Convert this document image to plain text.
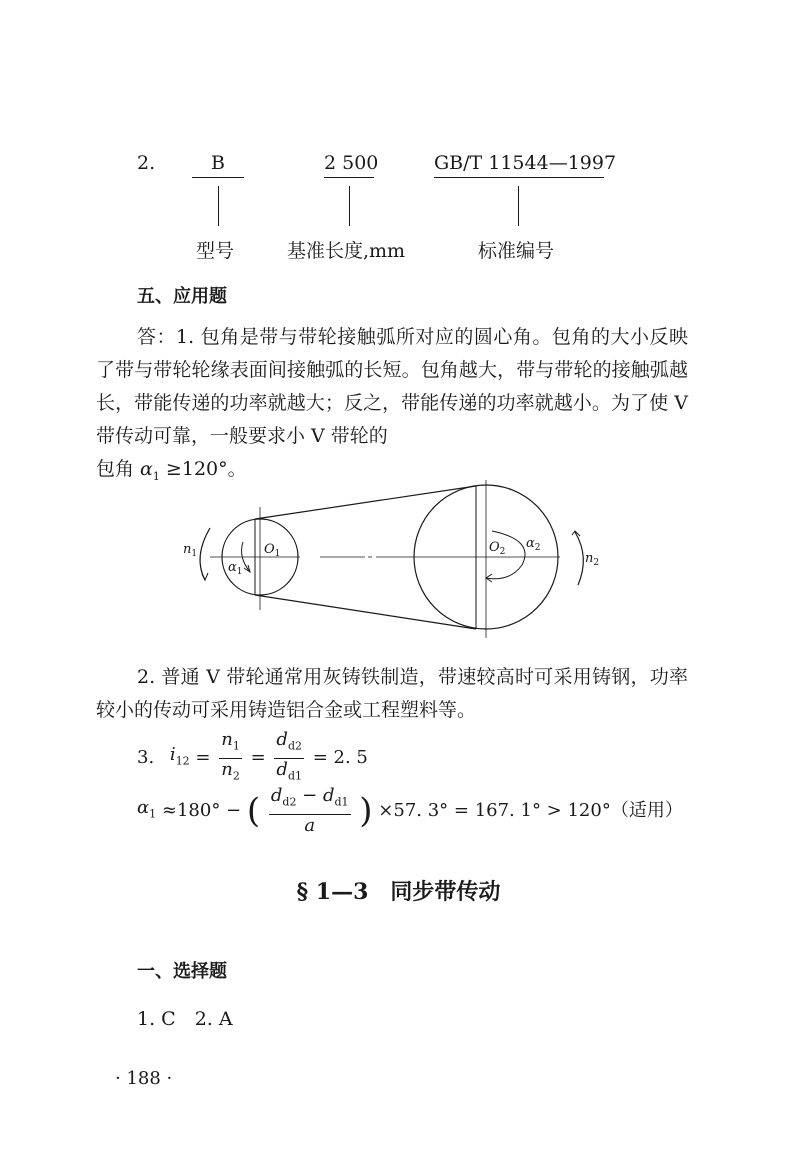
2.	B	2 500	GB/T 11544—1997
型号	基准长度,mm	标准编号
五、应用题
答：1. 包角是带与带轮接触弧所对应的圆心角。包角的大小反映了带与带轮轮缘表面间接触弧的长短。包角越大，带与带轮的接触弧越长，带能传递的功率就越大；反之，带能传递的功率就越小。为了使 V 带传动可靠，一般要求小 V 带轮的
包角 $\alpha_1 \ge 120^\circ$。
$n_1$	$O_1$
$\alpha_1$
$O_2$
$\alpha_2$
$n_2$
2. 普通 V 带轮通常用灰铸铁制造，带速较高时可采用铸钢，功率较小的传动可采用铸造铝合金或工程塑料等。
3. $i_{12} = \frac{n_1}{n_2} = \frac{d_{d2}}{d_{d1}} = 2$. 5
$\alpha_1 \approx 180^\circ$ − ( $\frac{d_{d2} - d_{d1}}{a}$ ) ×57. 3° = 167. 1° > 120°（适用）
§ 1—3　同步带传动
一、选择题
1. C　2. A
· 188 ·
